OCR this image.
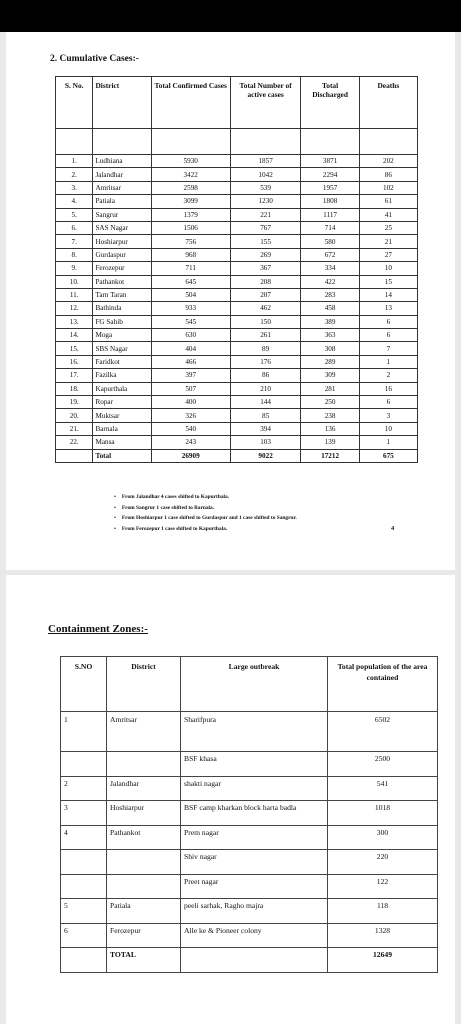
2. Cumulative Cases:-
S. No.	District	Total Confirmed Cases	Total Number of active cases	Total Discharged	Deaths

1.	Ludhiana	5930	1857	3871	202
2.	Jalandhar	3422	1042	2294	86
3.	Amritsar	2598	539	1957	102
4.	Patiala	3099	1230	1808	61
5.	Sangrur	1379	221	1117	41
6.	SAS Nagar	1506	767	714	25
7.	Hoshiarpur	756	155	580	21
8.	Gurdaspur	968	269	672	27
9.	Ferozepur	711	367	334	10
10.	Pathankot	645	208	422	15
11.	Tarn Taran	504	207	283	14
12.	Bathinda	933	462	458	13
13.	FG Sahib	545	150	389	6
14.	Moga	630	261	363	6
15.	SBS Nagar	404	89	308	7
16.	Faridkot	466	176	289	1
17.	Fazilka	397	86	309	2
18.	Kapurthala	507	210	281	16
19.	Ropar	400	144	250	6
20.	Muktsar	326	85	238	3
21.	Barnala	540	394	136	10
22.	Mansa	243	103	139	1
	Total	26909	9022	17212	675
• From Jalandhar 4 cases shifted to Kapurthala.
• From Sangrur 1 case shifted to Barnala.
• From Hoshiarpur 1 case shifted to Gurdaspur and 1 case shifted to Sangrur.
• From Ferozepur 1 case shifted to Kapurthala.	4
Containment Zones:-
S.NO	District	Large outbreak	Total population of the area contained
1	Amritsar	Sharifpura	6502
		BSF khasa	2500
2	Jalandhar	shakti nagar	541
3	Hoshiarpur	BSF camp kharkan block harta badla	1018
4	Pathankot	Prem nagar	300
		Shiv nagar	220
		Preet nagar	122
5	Patiala	peeli sarhak, Ragho majra	118
6	Ferozepur	Alle ke & Pioneer colony	1328
	TOTAL		12649
